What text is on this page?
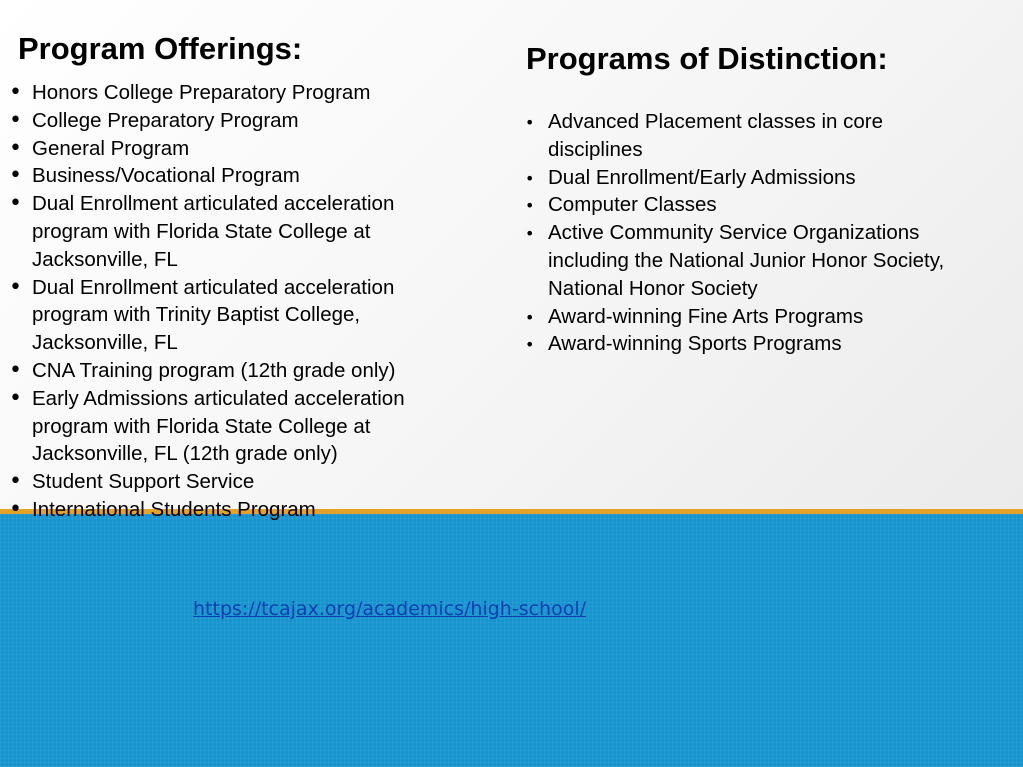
Program Offerings:
• Honors College Preparatory Program
• College Preparatory Program
• General Program
• Business/Vocational Program
• Dual Enrollment articulated acceleration program with Florida State College at Jacksonville, FL
• Dual Enrollment articulated acceleration program with Trinity Baptist College, Jacksonville, FL
• CNA Training program (12th grade only)
• Early Admissions articulated acceleration program with Florida State College at Jacksonville, FL (12th grade only)
• Student Support Service
• International Students Program
Programs of Distinction:
• Advanced Placement classes in core disciplines
• Dual Enrollment/Early Admissions
• Computer Classes
• Active Community Service Organizations including the National Junior Honor Society, National Honor Society
• Award-winning Fine Arts Programs
• Award-winning Sports Programs
https://tcajax.org/academics/high-school/
